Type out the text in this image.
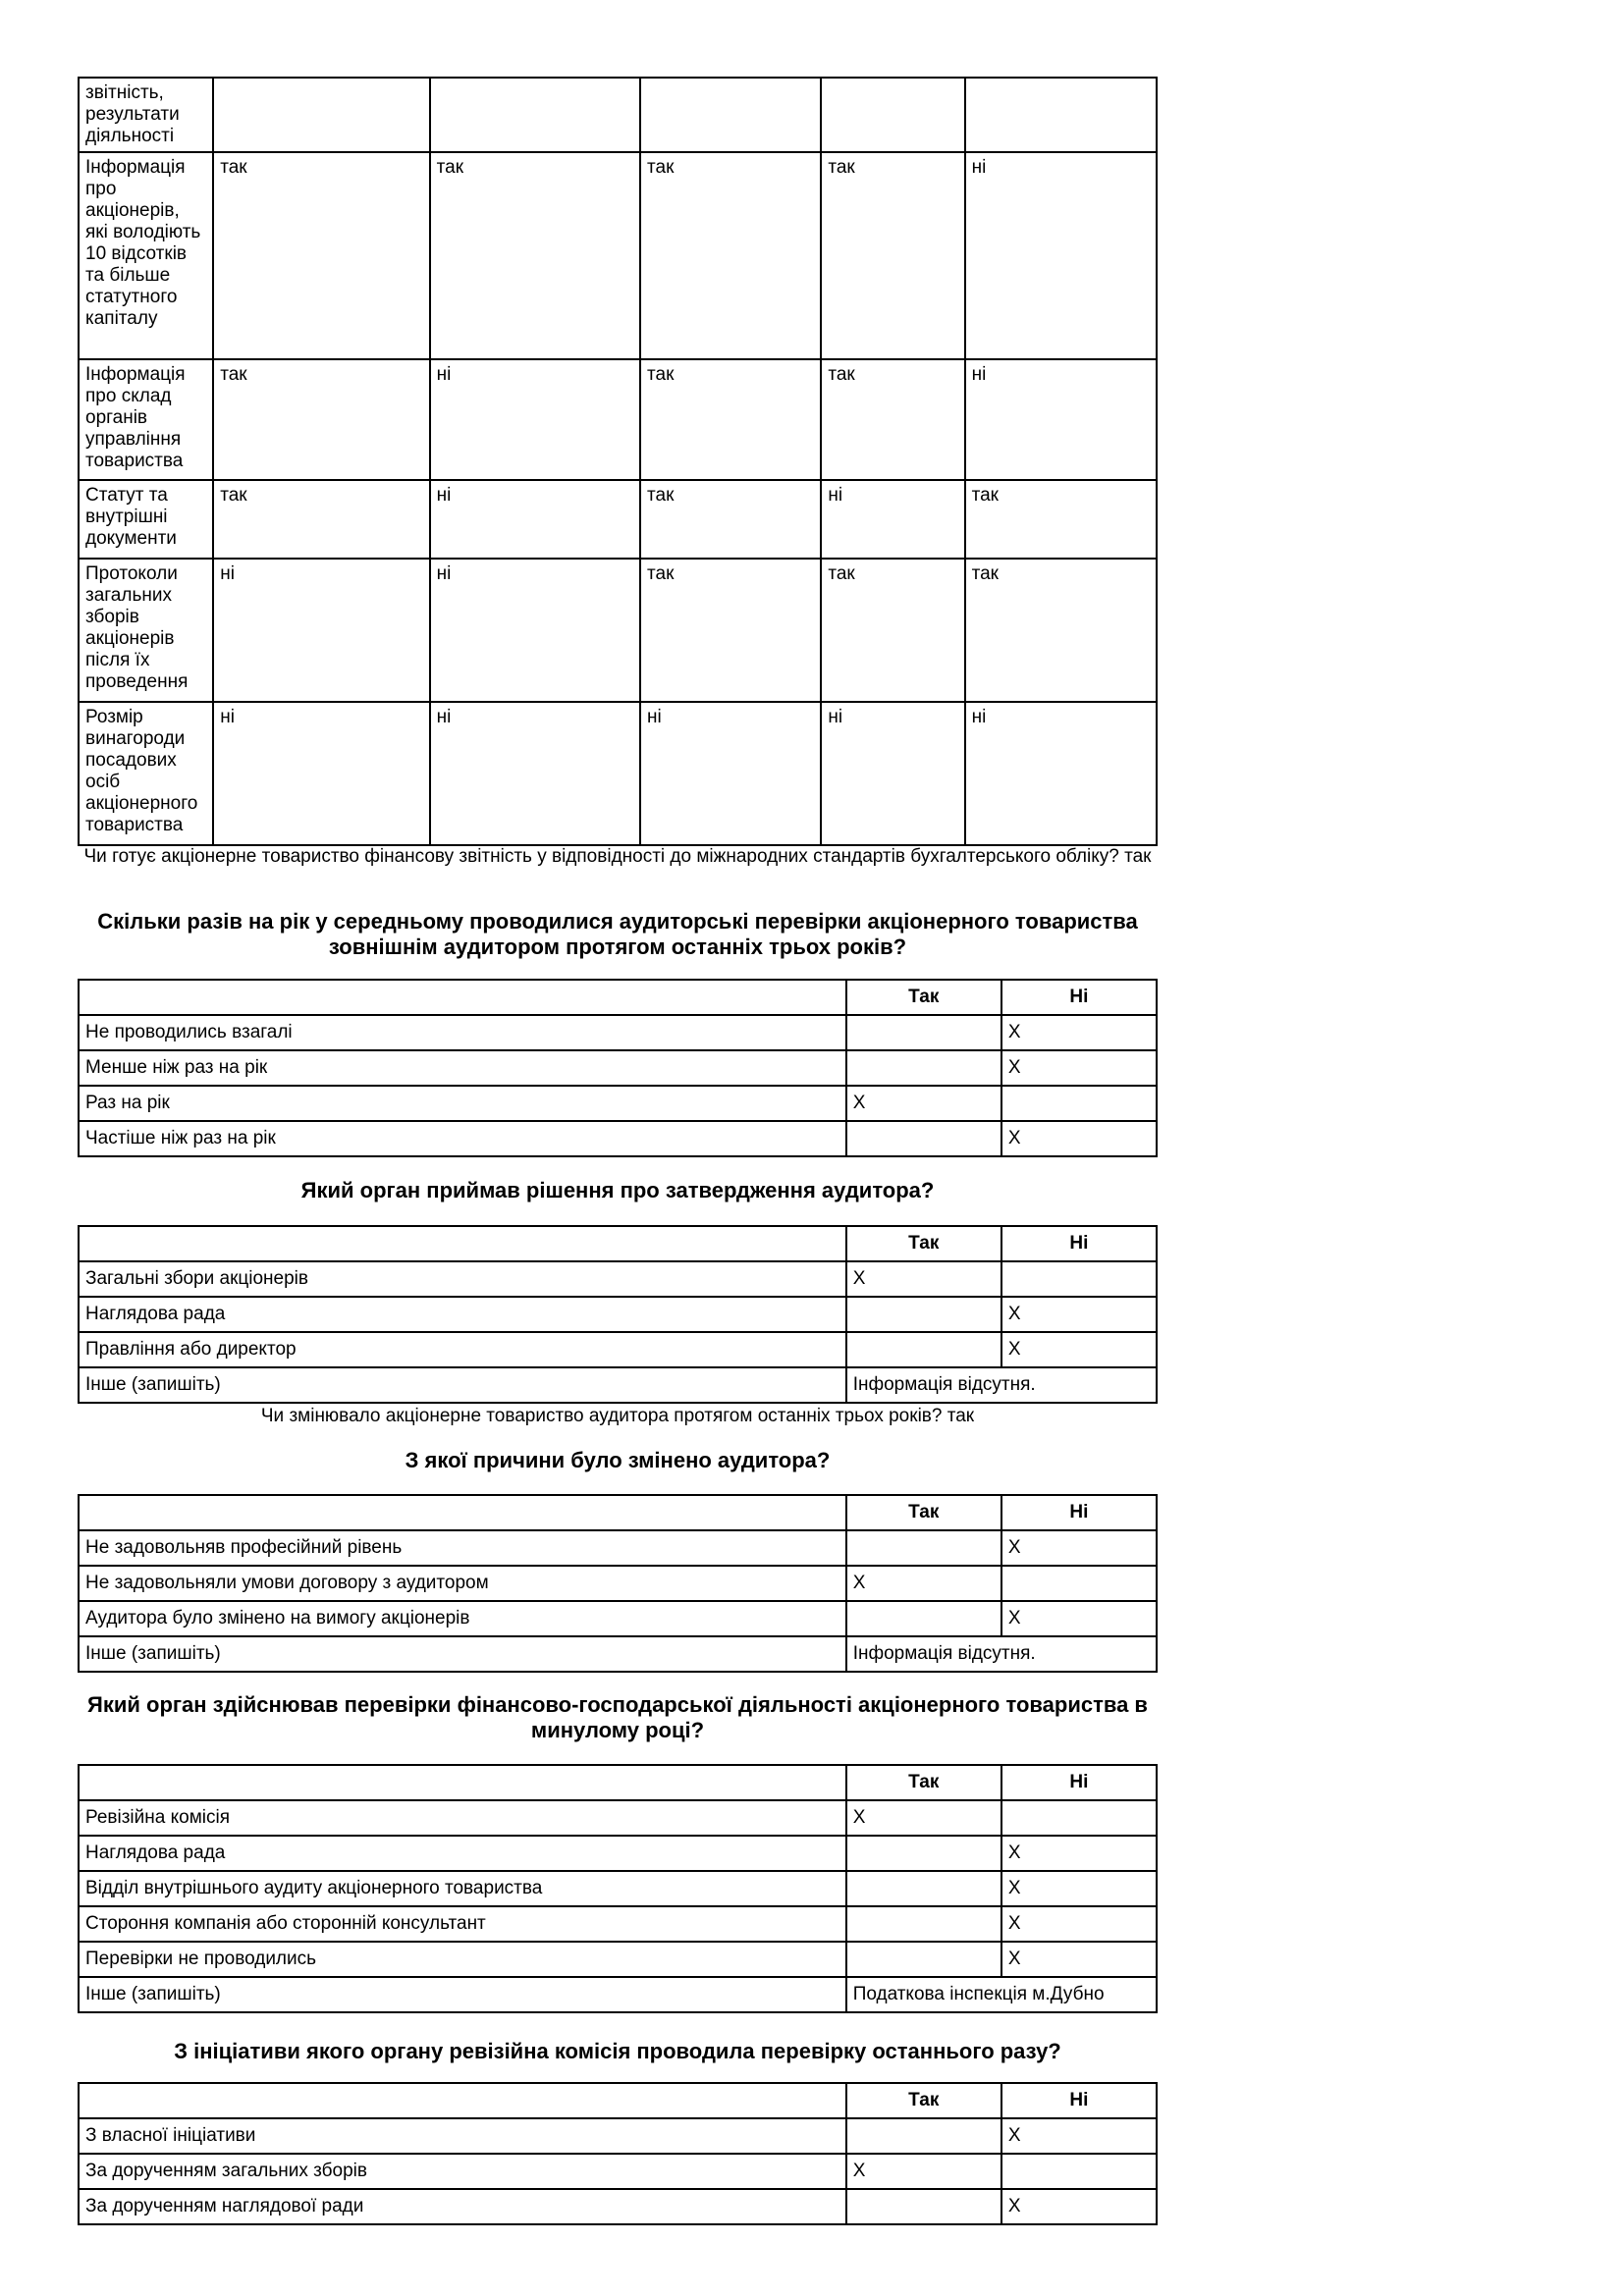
звітність, результати діяльності					
Інформація про акціонерів, які володіють 10 відсотків та більше статутного капіталу	так	так	так	так	ні
Інформація про склад органів управління товариства	так	ні	так	так	ні
Статут та внутрішні документи	так	ні	так	ні	так
Протоколи загальних зборів акціонерів після їх проведення	ні	ні	так	так	так
Розмір винагороди посадових осіб акціонерного товариства	ні	ні	ні	ні	ні
Чи готує акціонерне товариство фінансову звітність у відповідності до міжнародних стандартів бухгалтерського обліку? так
Скільки разів на рік у середньому проводилися аудиторські перевірки акціонерного товариства зовнішнім аудитором протягом останніх трьох років?
	Так	Ні
Не проводились взагалі		X
Менше ніж раз на рік		X
Раз на рік	X	
Частіше ніж раз на рік		X
Який орган приймав рішення про затвердження аудитора?
	Так	Ні
Загальні збори акціонерів	X	
Наглядова рада		X
Правління або директор		X
Інше (запишіть)	Інформація відсутня.	
Чи змінювало акціонерне товариство аудитора протягом останніх трьох років? так
З якої причини було змінено аудитора?
	Так	Ні
Не задовольняв професійний рівень		X
Не задовольняли умови договору з аудитором	X	
Аудитора було змінено на вимогу акціонерів		X
Інше (запишіть)	Інформація відсутня.	
Який орган здійснював перевірки фінансово-господарської діяльності акціонерного товариства в минулому році?
	Так	Ні
Ревізійна комісія	X	
Наглядова рада		X
Відділ внутрішнього аудиту акціонерного товариства		X
Стороння компанія або сторонній консультант		X
Перевірки не проводились		X
Інше (запишіть)	Податкова інспекція м.Дубно	
З ініціативи якого органу ревізійна комісія проводила перевірку останнього разу?
	Так	Ні
З власної ініціативи		X
За дорученням загальних зборів	X	
За дорученням наглядової ради		X
